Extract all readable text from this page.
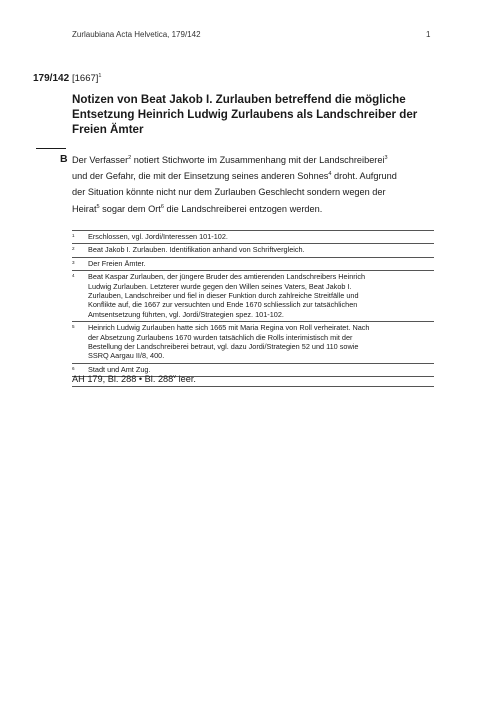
Zurlaubiana Acta Helvetica, 179/142	1
179/142 $[1667]^1$
Notizen von Beat Jakob I. Zurlauben betreffend die mögliche
Entsetzung Heinrich Ludwig Zurlaubens als Landschreiber der
Freien Ämter
B Der Verfasser$^2$ notiert Stichworte im Zusammenhang mit der Landschreiberei$^3$
und der Gefahr, die mit der Einsetzung seines anderen Sohnes$^4$ droht. Aufgrund
der Situation könnte nicht nur dem Zurlauben Geschlecht sondern wegen der
Heirat$^5$ sogar dem Ort$^6$ die Landschreiberei entzogen werden.
1 Erschlossen, vgl. Jordi/Interessen 101-102.
2 Beat Jakob I. Zurlauben. Identifikation anhand von Schriftvergleich.
3 Der Freien Ämter.
4 Beat Kaspar Zurlauben, der jüngere Bruder des amtierenden Landschreibers Heinrich
Ludwig Zurlauben. Letzterer wurde gegen den Willen seines Vaters, Beat Jakob I.
Zurlauben, Landschreiber und fiel in dieser Funktion durch zahlreiche Streitfälle und
Konflikte auf, die 1667 zur versuchten und Ende 1670 schliesslich zur tatsächlichen
Amtsentsetzung führten, vgl. Jordi/Strategien spez. 101-102.
5 Heinrich Ludwig Zurlauben hatte sich 1665 mit Maria Regina von Roll verheiratet. Nach
der Absetzung Zurlaubens 1670 wurden tatsächlich die Rolls interimistisch mit der
Bestellung der Landschreiberei betraut, vgl. dazu Jordi/Strategien 52 und 110 sowie
SSRQ Aargau II/8, 400.
6 Stadt und Amt Zug.
AH 179, Bl. 288 • Bl. 288$^v$ leer.
